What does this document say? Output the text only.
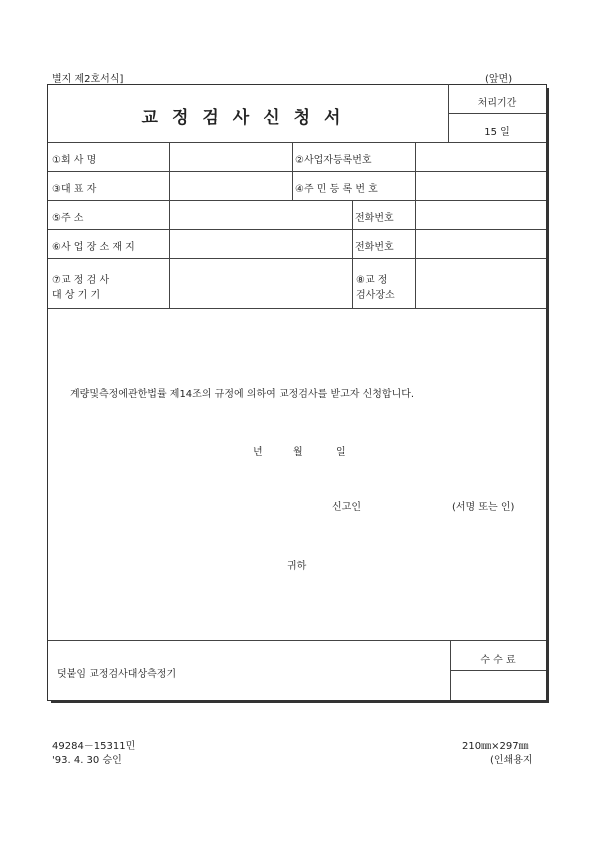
별지 제2호서식]	(앞면)
교정검사신청서
처리기간
15 일
①회 사 명	②사업자등록번호
③대 표 자	④주 민 등 록 번 호
⑤주 소	전화번호
⑥사 업 장 소 재 지	전화번호
⑦교 정 검 사
대 상 기 기
⑧교 정
검사장소
계량및측정에관한법률 제14조의 규정에 의하여 교정검사를 받고자 신청합니다.
년	월	일
신고인	(서명 또는 인)
귀하
덧붙임 교정검사대상측정기
수 수 료
49284－15311민
'93. 4. 30 승인
210㎜×297㎜
(인쇄용지
